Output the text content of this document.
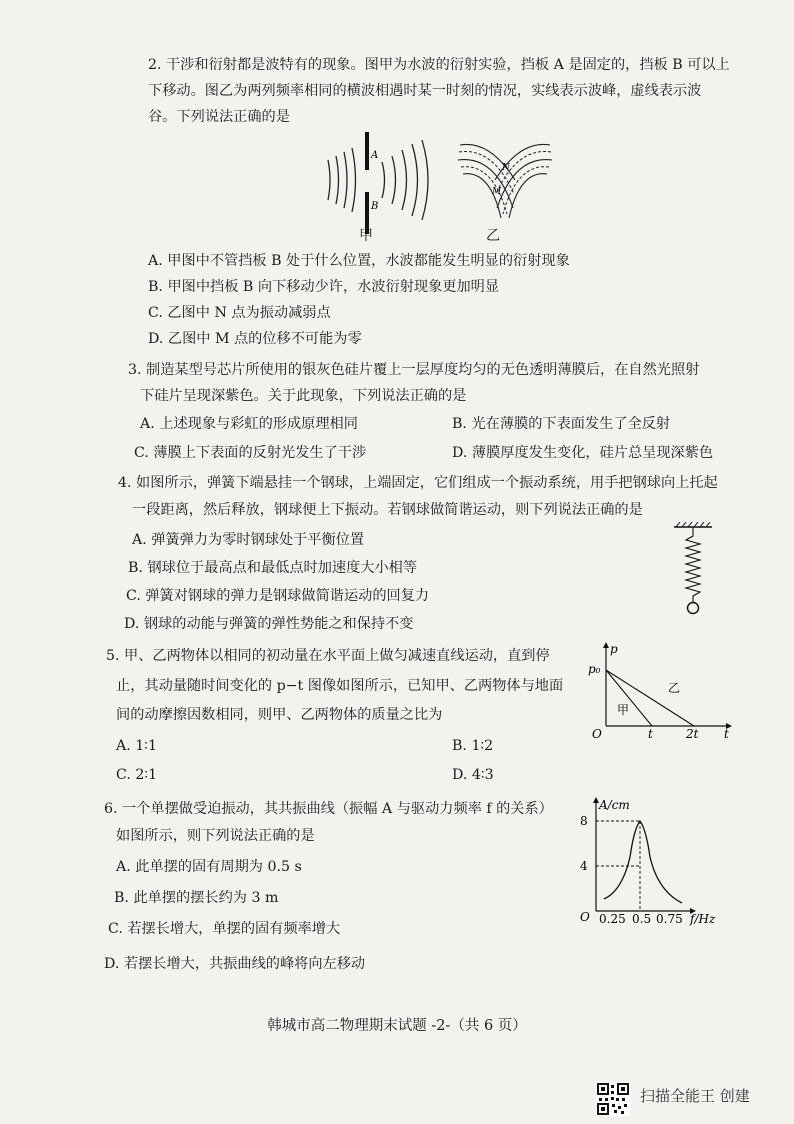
2. 干涉和衍射都是波特有的现象。图甲为水波的衍射实验，挡板 A 是固定的，挡板 B 可以上
下移动。图乙为两列频率相同的横波相遇时某一时刻的情况，实线表示波峰，虚线表示波
谷。下列说法正确的是
A
B
甲
N
M
乙
A. 甲图中不管挡板 B 处于什么位置，水波都能发生明显的衍射现象
B. 甲图中挡板 B 向下移动少许，水波衍射现象更加明显
C. 乙图中 N 点为振动减弱点
D. 乙图中 M 点的位移不可能为零
3. 制造某型号芯片所使用的银灰色硅片覆上一层厚度均匀的无色透明薄膜后，在自然光照射
下硅片呈现深紫色。关于此现象，下列说法正确的是
A. 上述现象与彩虹的形成原理相同	B. 光在薄膜的下表面发生了全反射
C. 薄膜上下表面的反射光发生了干涉	D. 薄膜厚度发生变化，硅片总呈现深紫色
4. 如图所示，弹簧下端悬挂一个钢球，上端固定，它们组成一个振动系统，用手把钢球向上托起
一段距离，然后释放，钢球便上下振动。若钢球做简谐运动，则下列说法正确的是
A. 弹簧弹力为零时钢球处于平衡位置
B. 钢球位于最高点和最低点时加速度大小相等
C. 弹簧对钢球的弹力是钢球做简谐运动的回复力
D. 钢球的动能与弹簧的弹性势能之和保持不变
5. 甲、乙两物体以相同的初动量在水平面上做匀减速直线运动，直到停
止，其动量随时间变化的 p−t 图像如图所示，已知甲、乙两物体与地面
间的动摩擦因数相同，则甲、乙两物体的质量之比为
A. 1∶1	B. 1∶2
C. 2∶1	D. 4∶3
p
p₀
O	t	2t t
甲
乙
6. 一个单摆做受迫振动，其共振曲线（振幅 A 与驱动力频率 f 的关系）
如图所示，则下列说法正确的是
A. 此单摆的固有周期为 0.5 s
B. 此单摆的摆长约为 3 m
C. 若摆长增大，单摆的固有频率增大
D. 若摆长增大，共振曲线的峰将向左移动
A/cm
4
8
O 0.25 0.5 0.75 f/Hz
韩城市高二物理期末试题 -2-（共 6 页）
扫描全能王 创建
